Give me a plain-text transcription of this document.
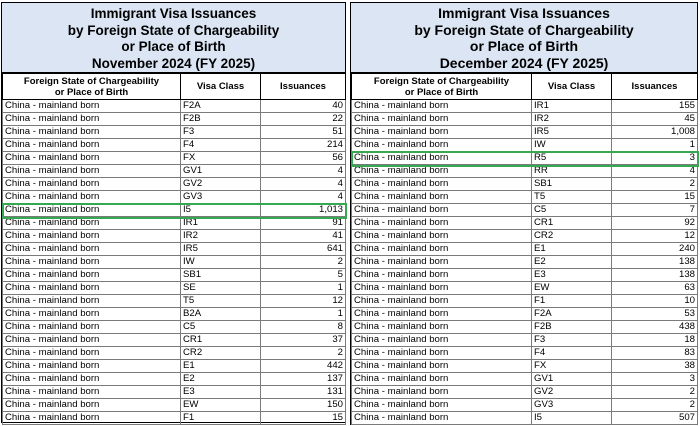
Immigrant Visa Issuances
by Foreign State of Chargeability
or Place of Birth
November 2024 (FY 2025)
Foreign State of Chargeability
or Place of Birth	Visa Class	Issuances
China - mainland born	F2A	40
China - mainland born	F2B	22
China - mainland born	F3	51
China - mainland born	F4	214
China - mainland born	FX	56
China - mainland born	GV1	4
China - mainland born	GV2	4
China - mainland born	GV3	4
China - mainland born	I5	1,013
China - mainland born	IR1	91
China - mainland born	IR2	41
China - mainland born	IR5	641
China - mainland born	IW	2
China - mainland born	SB1	5
China - mainland born	SE	1
China - mainland born	T5	12
China - mainland born	B2A	1
China - mainland born	C5	8
China - mainland born	CR1	37
China - mainland born	CR2	2
China - mainland born	E1	442
China - mainland born	E2	137
China - mainland born	E3	131
China - mainland born	EW	150
China - mainland born	F1	15
Immigrant Visa Issuances
by Foreign State of Chargeability
or Place of Birth
December 2024 (FY 2025)
Foreign State of Chargeability
or Place of Birth	Visa Class	Issuances
China - mainland born	IR1	155
China - mainland born	IR2	45
China - mainland born	IR5	1,008
China - mainland born	IW	1
China - mainland born	R5	3
China - mainland born	RR	4
China - mainland born	SB1	2
China - mainland born	T5	15
China - mainland born	C5	7
China - mainland born	CR1	92
China - mainland born	CR2	12
China - mainland born	E1	240
China - mainland born	E2	138
China - mainland born	E3	138
China - mainland born	EW	63
China - mainland born	F1	10
China - mainland born	F2A	53
China - mainland born	F2B	438
China - mainland born	F3	18
China - mainland born	F4	83
China - mainland born	FX	38
China - mainland born	GV1	3
China - mainland born	GV2	2
China - mainland born	GV3	2
China - mainland born	I5	507
